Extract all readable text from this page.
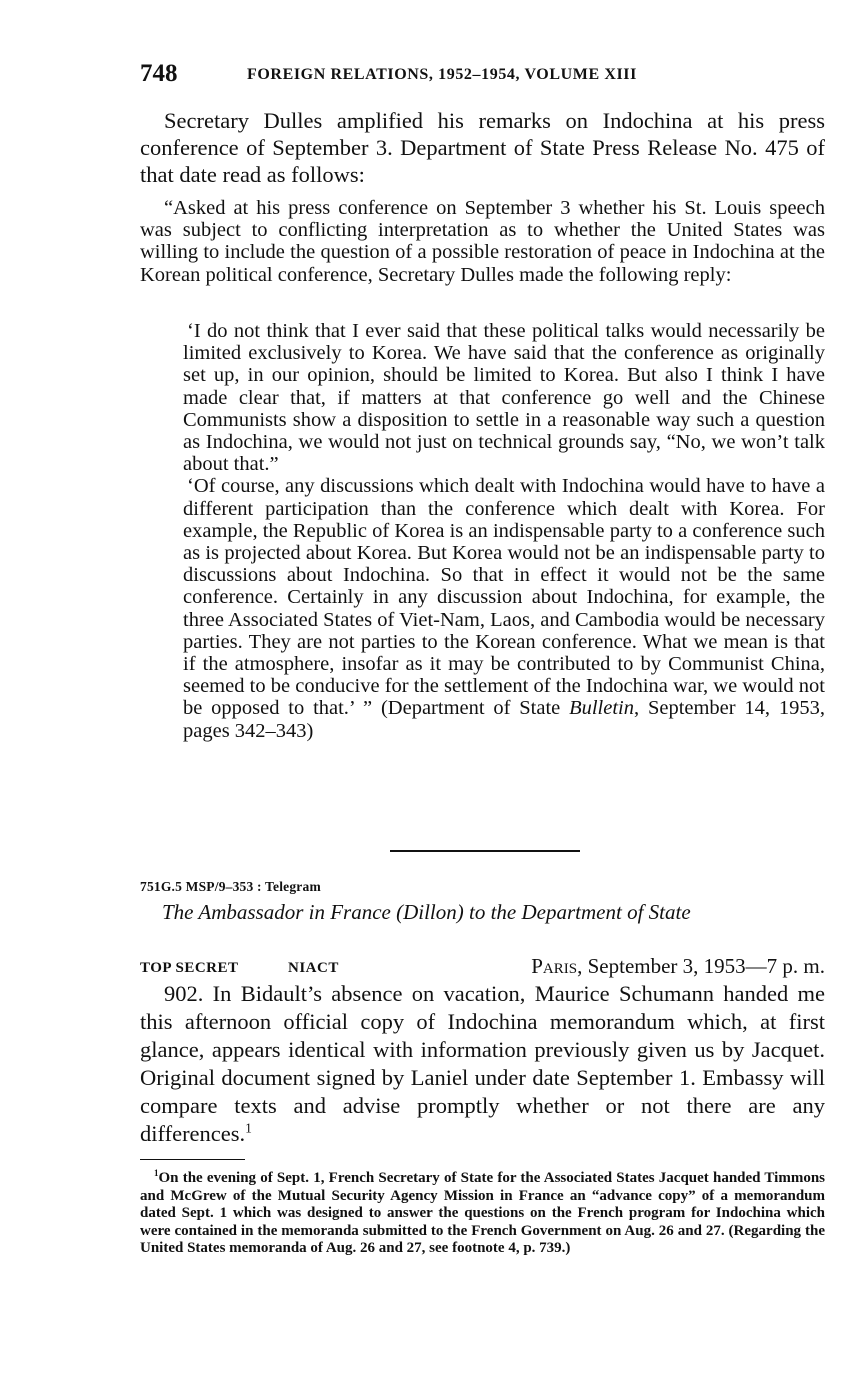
748	FOREIGN RELATIONS, 1952–1954, VOLUME XIII

Secretary Dulles amplified his remarks on Indochina at his press conference of September 3. Department of State Press Release No. 475 of that date read as follows:

“Asked at his press conference on September 3 whether his St. Louis speech was subject to conflicting interpretation as to whether the United States was willing to include the question of a possible restoration of peace in Indochina at the Korean political conference, Secretary Dulles made the following reply:

‘I do not think that I ever said that these political talks would necessarily be limited exclusively to Korea. We have said that the conference as originally set up, in our opinion, should be limited to Korea. But also I think I have made clear that, if matters at that conference go well and the Chinese Communists show a disposition to settle in a reasonable way such a question as Indochina, we would not just on technical grounds say, “No, we won’t talk about that.”

‘Of course, any discussions which dealt with Indochina would have to have a different participation than the conference which dealt with Korea. For example, the Republic of Korea is an indispensable party to a conference such as is projected about Korea. But Korea would not be an indispensable party to discussions about Indochina. So that in effect it would not be the same conference. Certainly in any discussion about Indochina, for example, the three Associated States of Viet-Nam, Laos, and Cambodia would be necessary parties. They are not parties to the Korean conference. What we mean is that if the atmosphere, insofar as it may be contributed to by Communist China, seemed to be conducive for the settlement of the Indochina war, we would not be opposed to that.’ ” (Department of State Bulletin, September 14, 1953, pages 342–343)

751G.5 MSP/9–353 : Telegram
The Ambassador in France (Dillon) to the Department of State
TOP SECRET	NIACT	Paris, September 3, 1953—7 p. m.

902. In Bidault’s absence on vacation, Maurice Schumann handed me this afternoon official copy of Indochina memorandum which, at first glance, appears identical with information previously given us by Jacquet. Original document signed by Laniel under date September 1. Embassy will compare texts and advise promptly whether or not there are any differences.$^1$

$^1$On the evening of Sept. 1, French Secretary of State for the Associated States Jacquet handed Timmons and McGrew of the Mutual Security Agency Mission in France an “advance copy” of a memorandum dated Sept. 1 which was designed to answer the questions on the French program for Indochina which were contained in the memoranda submitted to the French Government on Aug. 26 and 27. (Regarding the United States memoranda of Aug. 26 and 27, see footnote 4, p. 739.)
